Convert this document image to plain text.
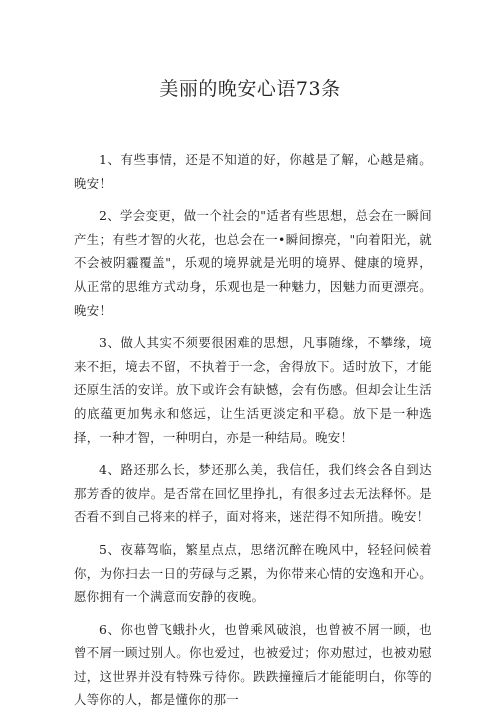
美丽的晚安心语73条

1、有些事情，还是不知道的好，你越是了解，心越是痛。晚安！

2、学会变更，做一个社会的"适者有些思想，总会在一瞬间产生；有些才智的火花，也总会在一•瞬间擦亮，"向着阳光，就不会被阴霾覆盖"，乐观的境界就是光明的境界、健康的境界，从正常的思维方式动身，乐观也是一种魅力，因魅力而更漂亮。晚安！

3、做人其实不须要很困难的思想，凡事随缘，不攀缘，境来不拒，境去不留，不执着于一念，舍得放下。适时放下，才能还原生活的安详。放下或许会有缺憾，会有伤感。但却会让生活的底蕴更加隽永和悠远，让生活更淡定和平稳。放下是一种选择，一种才智，一种明白，亦是一种结局。晚安！

4、路还那么长，梦还那么美，我信任，我们终会各自到达那芳香的彼岸。是否常在回忆里挣扎，有很多过去无法释怀。是否看不到自己将来的样子，面对将来，迷茫得不知所措。晚安！

5、夜幕驾临，繁星点点，思绪沉醉在晚风中，轻轻问候着你，为你扫去一日的劳碌与乏累，为你带来心情的安逸和开心。愿你拥有一个满意而安静的夜晚。

6、你也曾飞蛾扑火，也曾乘风破浪，也曾被不屑一顾，也曾不屑一顾过别人。你也爱过，也被爱过；你劝慰过，也被劝慰过，这世界并没有特殊亏待你。跌跌撞撞后才能能明白，你等的人等你的人，都是懂你的那一
